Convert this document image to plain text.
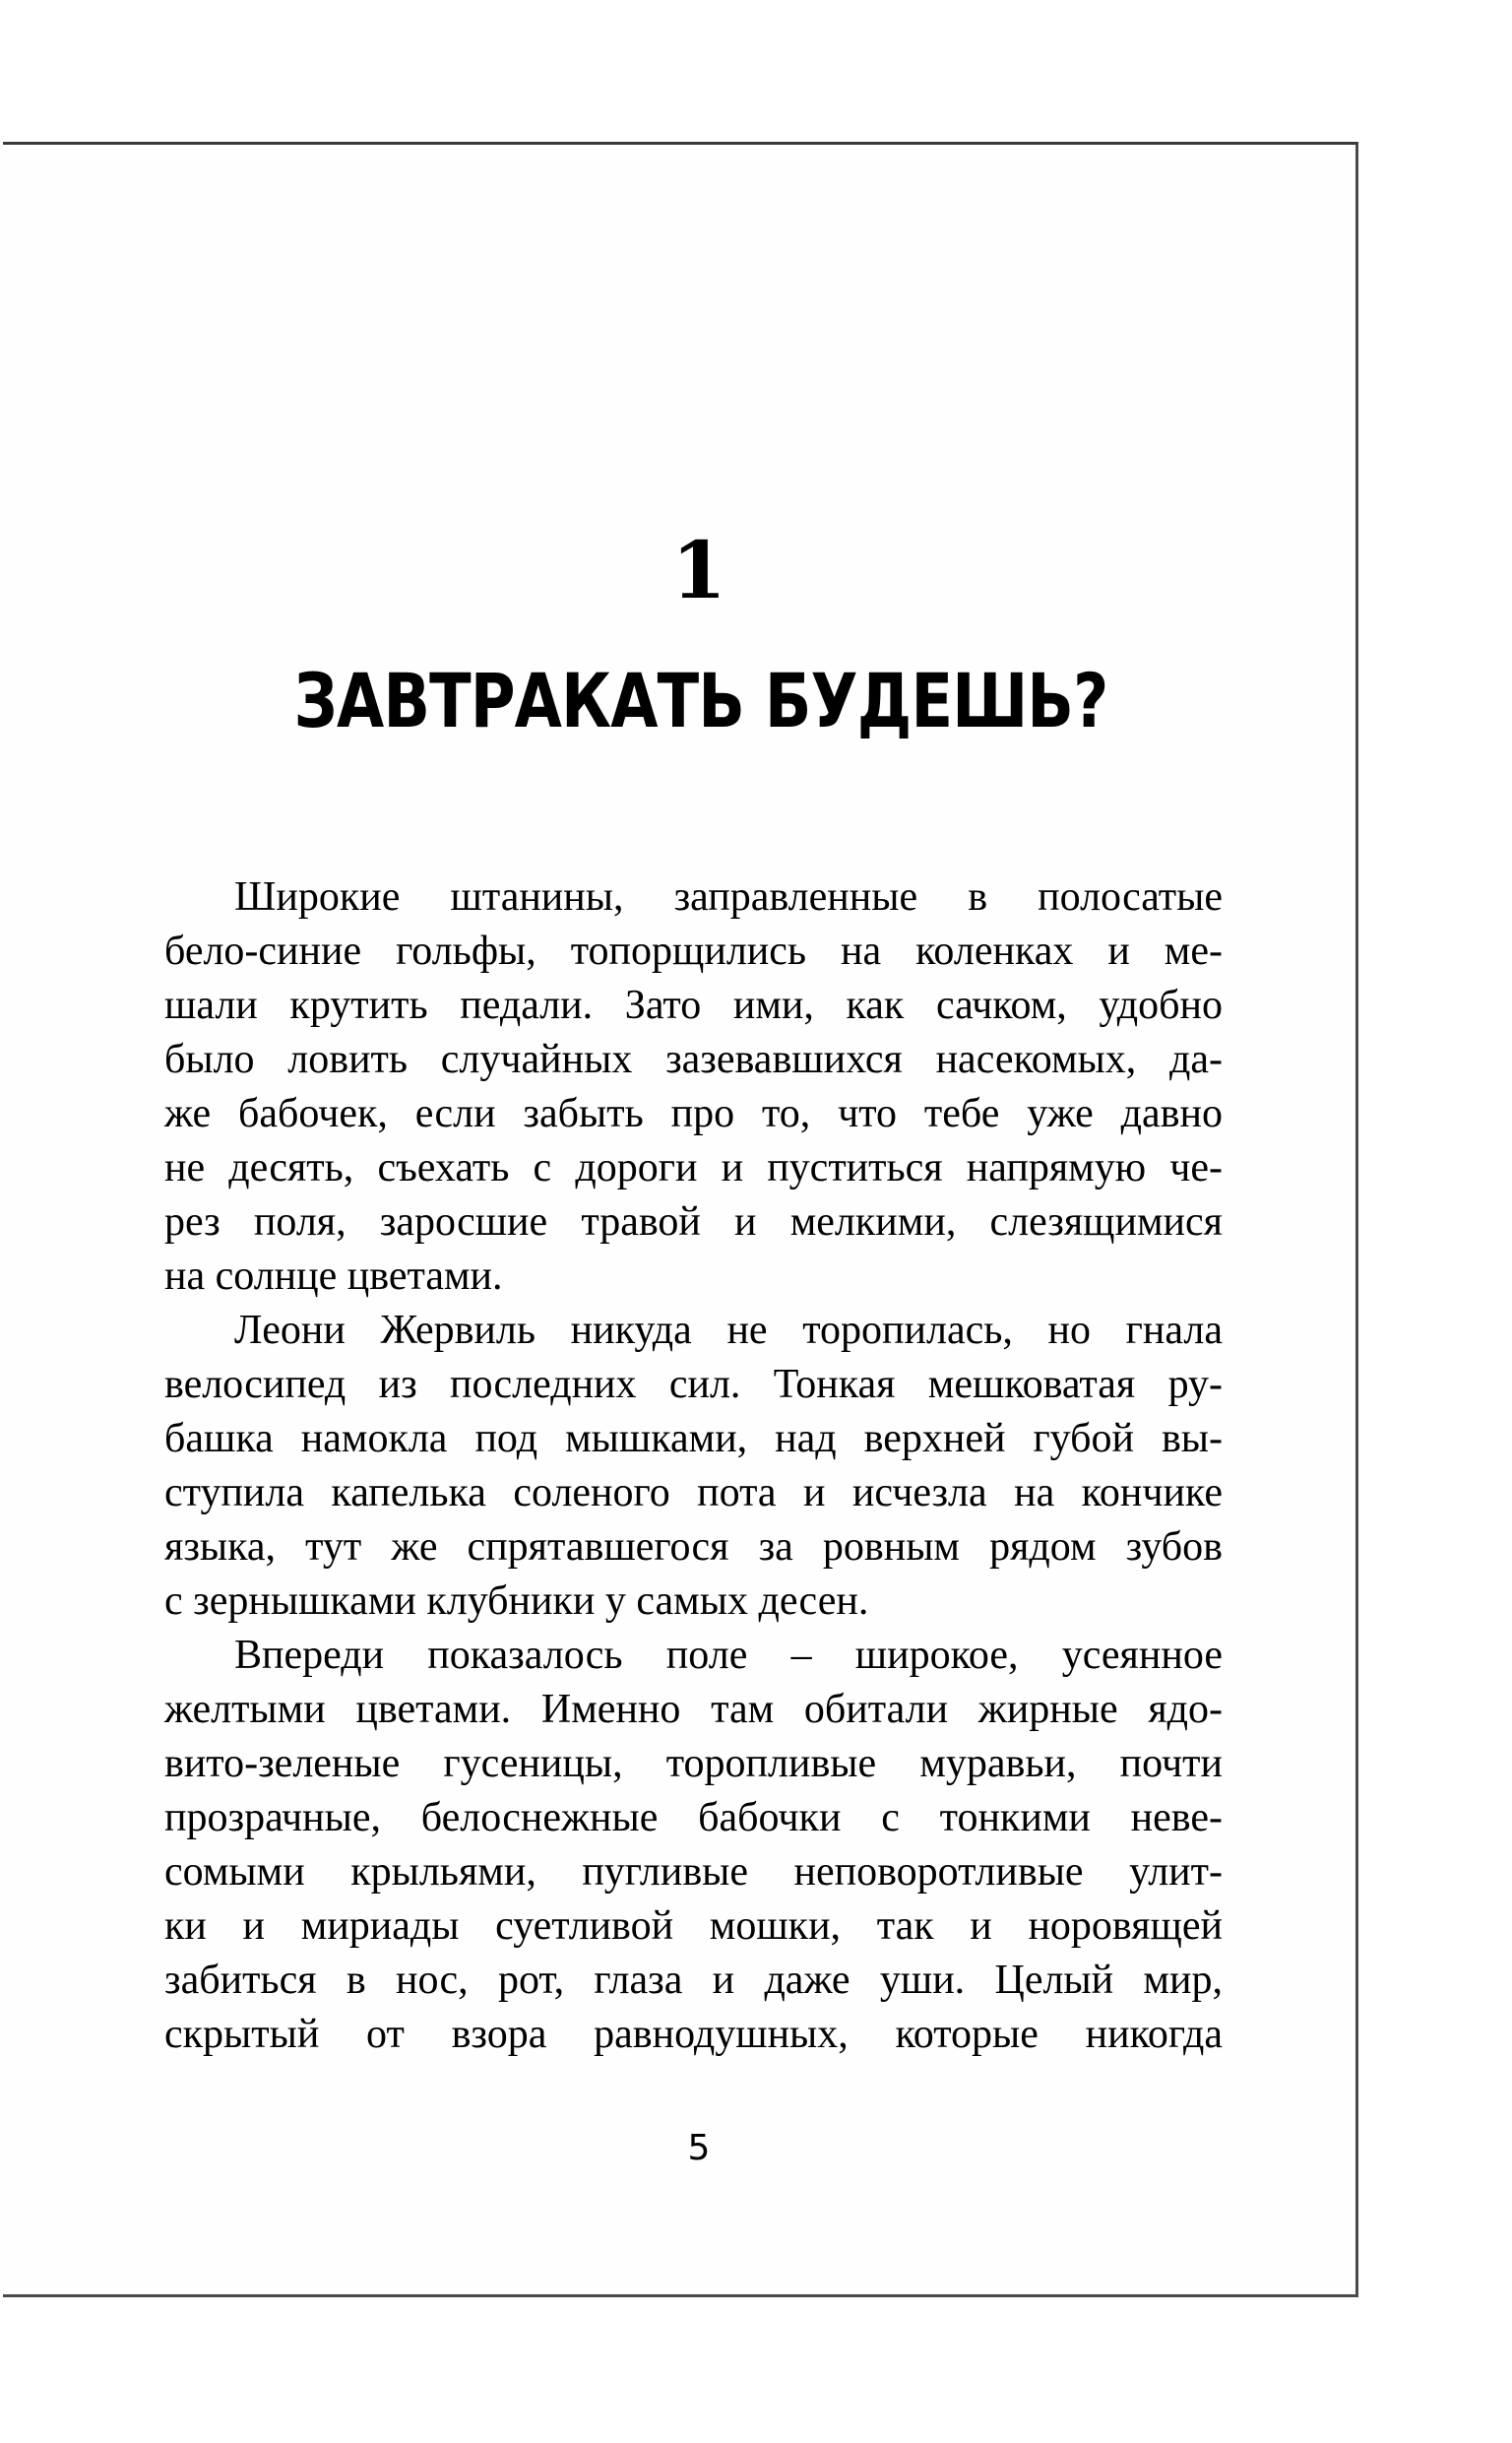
1
ЗАВТРАКАТЬ БУДЕШЬ?
Широкие штанины, заправленные в полосатые
бело-синие гольфы, топорщились на коленках и ме-
шали крутить педали. Зато ими, как сачком, удобно
было ловить случайных зазевавшихся насекомых, да-
же бабочек, если забыть про то, что тебе уже давно
не десять, съехать с дороги и пуститься напрямую че-
рез поля, заросшие травой и мелкими, слезящимися
на солнце цветами.
Леони Жервиль никуда не торопилась, но гнала
велосипед из последних сил. Тонкая мешковатая ру-
башка намокла под мышками, над верхней губой вы-
ступила капелька соленого пота и исчезла на кончике
языка, тут же спрятавшегося за ровным рядом зубов
с зернышками клубники у самых десен.
Впереди показалось поле – широкое, усеянное
желтыми цветами. Именно там обитали жирные ядо-
вито-зеленые гусеницы, торопливые муравьи, почти
прозрачные, белоснежные бабочки с тонкими неве-
сомыми крыльями, пугливые неповоротливые улит-
ки и мириады суетливой мошки, так и норовящей
забиться в нос, рот, глаза и даже уши. Целый мир,
скрытый от взора равнодушных, которые никогда
5
